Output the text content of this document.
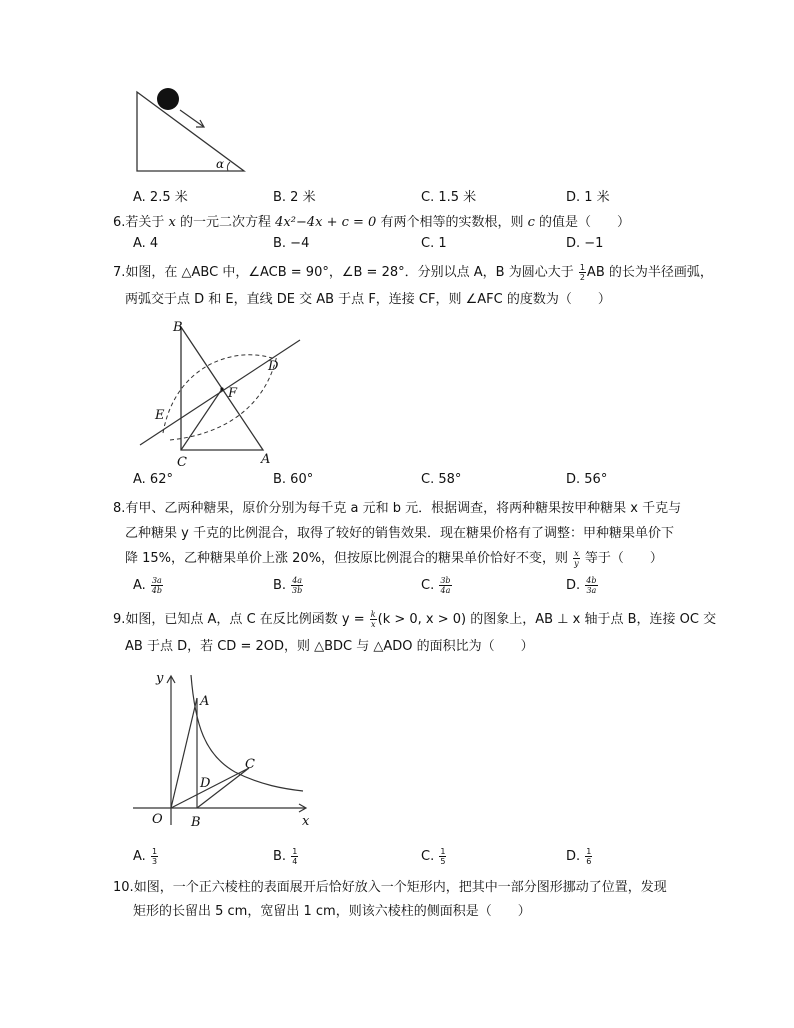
α
A. 2.5 米	B. 2 米	C. 1.5 米	D. 1 米
6.若关于 x 的一元二次方程 4x²−4x + c = 0 有两个相等的实数根，则 c 的值是（　　）
A. 4	B. −4	C. 1	D. −1
7.如图，在 △ABC 中，∠ACB = 90°，∠B = 28°．分别以点 A，B 为圆心大于 $\frac{1}{2}$ AB 的长为半径画弧，
两弧交于点 D 和 E，直线 DE 交 AB 于点 F，连接 CF，则 ∠AFC 的度数为（　　）
B
D
F
E
C	A
A. 62°	B. 60°	C. 58°	D. 56°
8.有甲、乙两种糖果，原价分别为每千克 a 元和 b 元．根据调查，将两种糖果按甲种糖果 x 千克与
乙种糖果 y 千克的比例混合，取得了较好的销售效果．现在糖果价格有了调整：甲种糖果单价下
降 15%，乙种糖果单价上涨 20%，但按原比例混合的糖果单价恰好不变，则 $\frac{x}{y}$ 等于（　　）
A. $\frac{3a}{4b}$	B. $\frac{4a}{3b}$	C. $\frac{3b}{4a}$	D. $\frac{4b}{3a}$
9.如图，已知点 A，点 C 在反比例函数 $y = \frac{k}{x} (k > 0$, x > 0) 的图象上，AB ⊥ x 轴于点 B，连接 OC 交
AB 于点 D，若 CD = 2OD，则 △BDC 与 △ADO 的面积比为（　　）
y
A
C
D
O B	x
A. $\frac{1}{3}$	B. $\frac{1}{4}$	C. $\frac{1}{5}$	D. $\frac{1}{6}$
10.如图，一个正六棱柱的表面展开后恰好放入一个矩形内，把其中一部分图形挪动了位置，发现
矩形的长留出 5 cm，宽留出 1 cm，则该六棱柱的侧面积是（　　）
